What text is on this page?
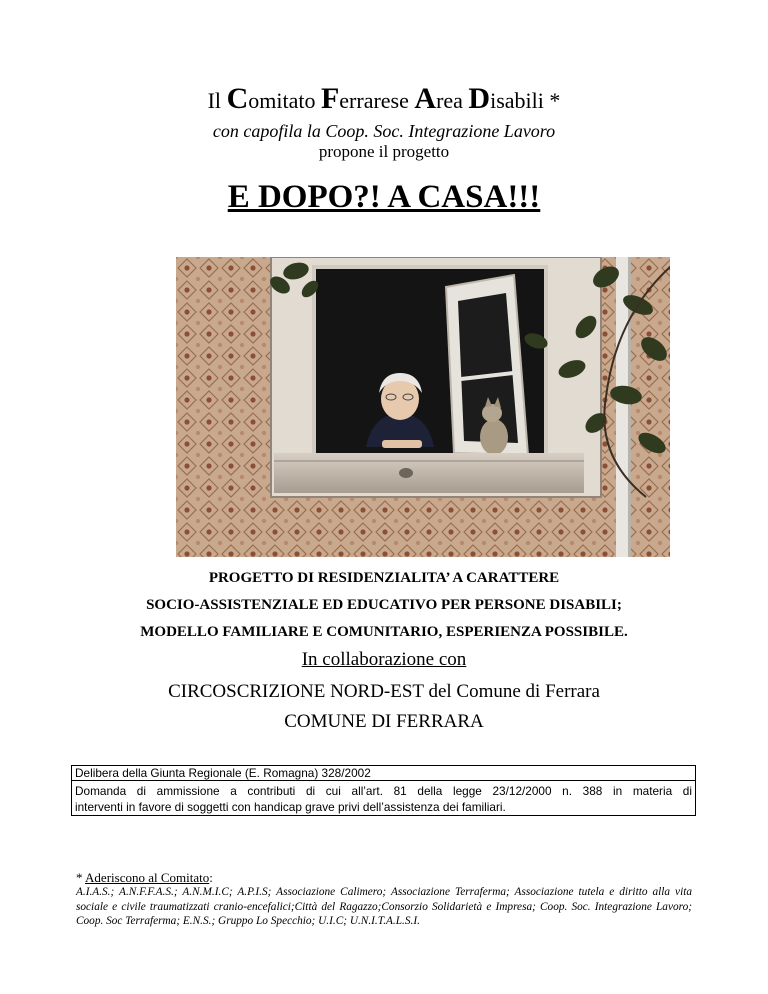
Il Comitato Ferrarese Area Disabili *
con capofila la Coop. Soc. Integrazione Lavoro
propone il progetto
E DOPO?! A CASA!!!
PROGETTO DI RESIDENZIALITA’ A CARATTERE
SOCIO-ASSISTENZIALE ED EDUCATIVO PER PERSONE DISABILI;
MODELLO FAMILIARE E COMUNITARIO, ESPERIENZA POSSIBILE.
In collaborazione con
CIRCOSCRIZIONE NORD-EST del Comune di Ferrara
COMUNE DI FERRARA
Delibera della Giunta Regionale (E. Romagna) 328/2002
Domanda di ammissione a contributi di cui all’art. 81 della legge 23/12/2000 n. 388 in materia di
interventi in favore di soggetti con handicap grave privi dell’assistenza dei familiari.
* Aderiscono al Comitato:
A.I.A.S.; A.N.F.F.A.S.; A.N.M.I.C; A.P.I.S; Associazione Calimero; Associazione Terraferma; Associazione tutela e diritto alla vita sociale e civile traumatizzati cranio-encefalici;Città del Ragazzo;Consorzio Solidarietà e Impresa; Coop. Soc. Integrazione Lavoro; Coop. Soc Terraferma; E.N.S.; Gruppo Lo Specchio; U.I.C; U.N.I.T.A.L.S.I.
